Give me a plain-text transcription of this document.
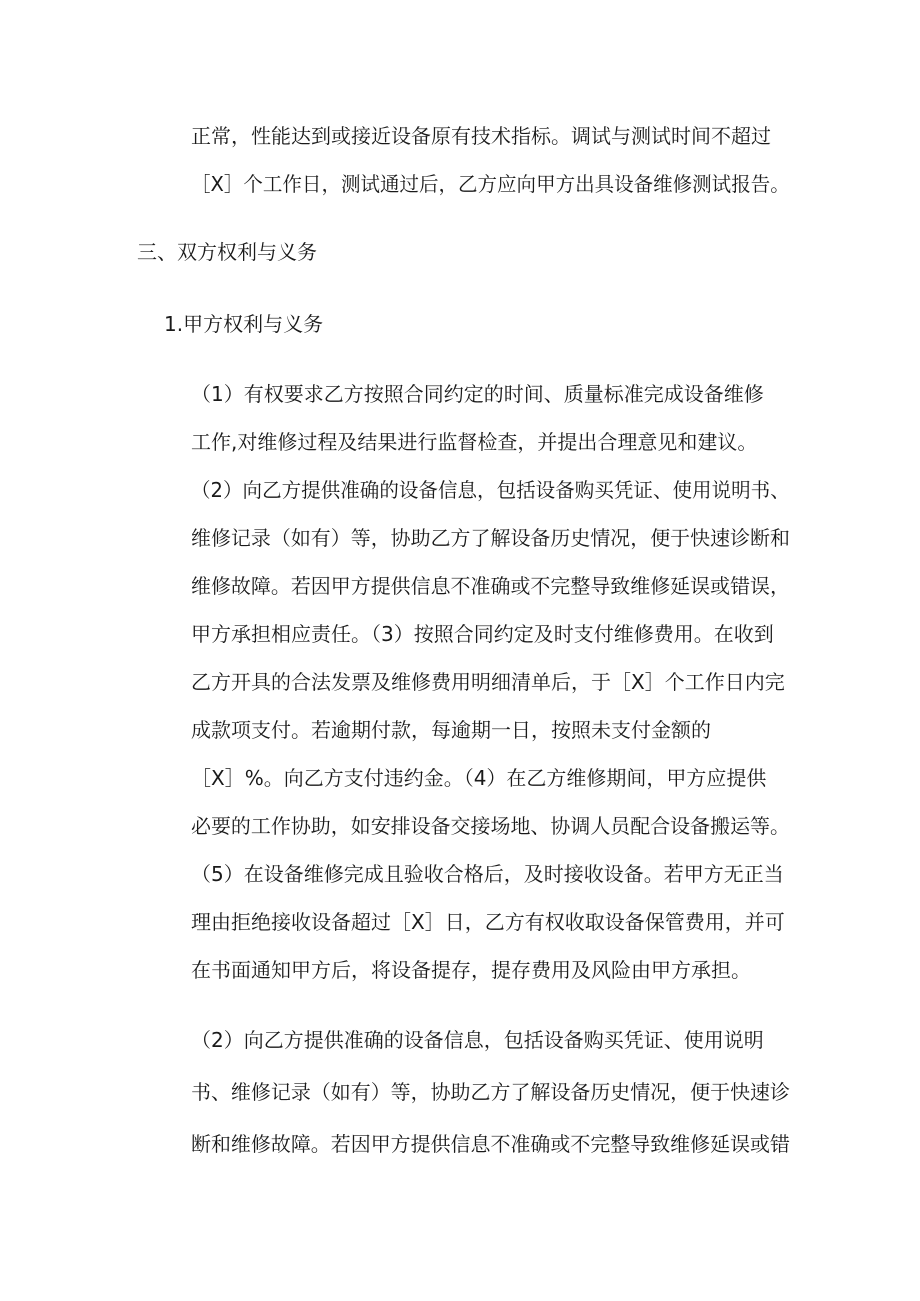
正常，性能达到或接近设备原有技术指标。调试与测试时间不超过
［X］个工作日，测试通过后，乙方应向甲方出具设备维修测试报告。
三、双方权利与义务
1.甲方权利与义务
（1）有权要求乙方按照合同约定的时间、质量标准完成设备维修
工作,对维修过程及结果进行监督检查，并提出合理意见和建议。
（2）向乙方提供准确的设备信息，包括设备购买凭证、使用说明书、
维修记录（如有）等，协助乙方了解设备历史情况，便于快速诊断和
维修故障。若因甲方提供信息不准确或不完整导致维修延误或错误，
甲方承担相应责任。（3）按照合同约定及时支付维修费用。在收到
乙方开具的合法发票及维修费用明细清单后，于［X］个工作日内完
成款项支付。若逾期付款，每逾期一日，按照未支付金额的
［X］%。向乙方支付违约金。（4）在乙方维修期间，甲方应提供
必要的工作协助，如安排设备交接场地、协调人员配合设备搬运等。
（5）在设备维修完成且验收合格后，及时接收设备。若甲方无正当
理由拒绝接收设备超过［X］日，乙方有权收取设备保管费用，并可
在书面通知甲方后，将设备提存，提存费用及风险由甲方承担。
（2）向乙方提供准确的设备信息，包括设备购买凭证、使用说明
书、维修记录（如有）等，协助乙方了解设备历史情况，便于快速诊
断和维修故障。若因甲方提供信息不准确或不完整导致维修延误或错
